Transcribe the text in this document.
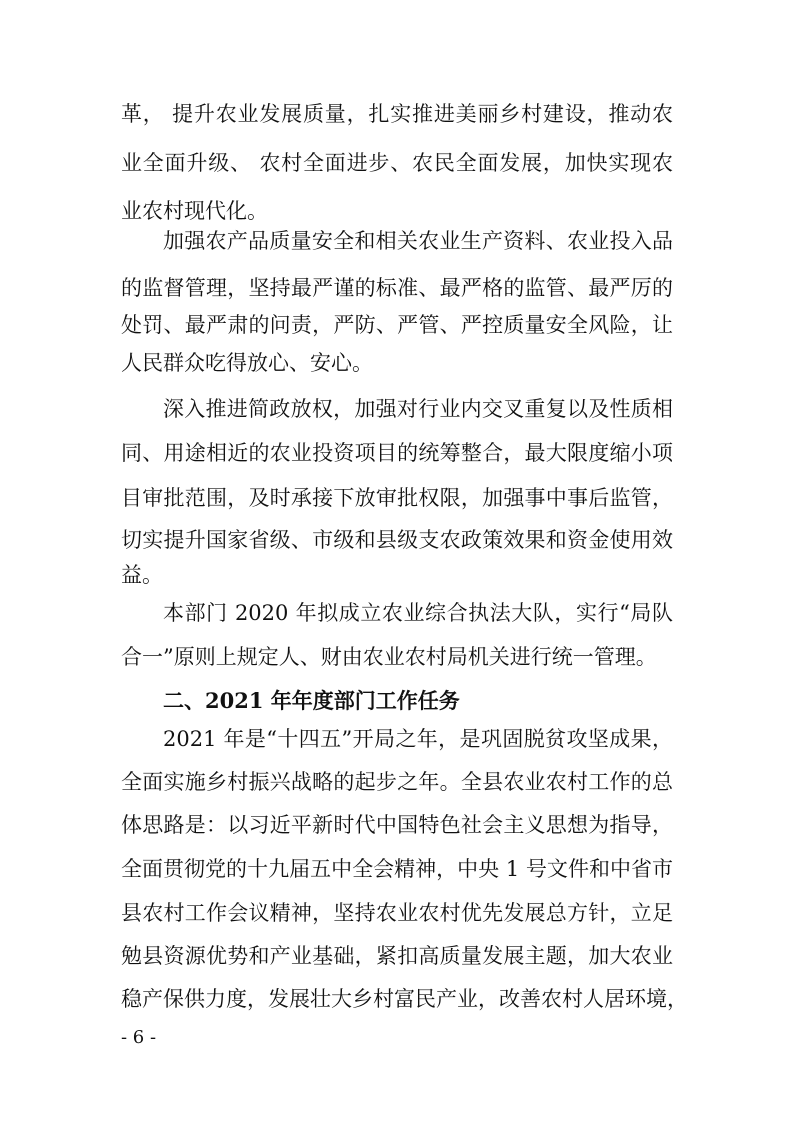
革， 提升农业发展质量，扎实推进美丽乡村建设，推动农
业全面升级、 农村全面进步、农民全面发展，加快实现农
业农村现代化。
加强农产品质量安全和相关农业生产资料、农业投入品
的监督管理，坚持最严谨的标准、最严格的监管、最严厉的
处罚、最严肃的问责，严防、严管、严控质量安全风险，让
人民群众吃得放心、安心。
深入推进简政放权，加强对行业内交叉重复以及性质相
同、用途相近的农业投资项目的统筹整合，最大限度缩小项
目审批范围，及时承接下放审批权限，加强事中事后监管，
切实提升国家省级、市级和县级支农政策效果和资金使用效
益。
本部门 2020 年拟成立农业综合执法大队，实行“局队
合一”原则上规定人、财由农业农村局机关进行统一管理。
二、2021 年年度部门工作任务
2021 年是“十四五”开局之年，是巩固脱贫攻坚成果，
全面实施乡村振兴战略的起步之年。全县农业农村工作的总
体思路是：以习近平新时代中国特色社会主义思想为指导，
全面贯彻党的十九届五中全会精神，中央 1 号文件和中省市
县农村工作会议精神，坚持农业农村优先发展总方针，立足
勉县资源优势和产业基础，紧扣高质量发展主题，加大农业
稳产保供力度，发展壮大乡村富民产业，改善农村人居环境，
- 6 -
